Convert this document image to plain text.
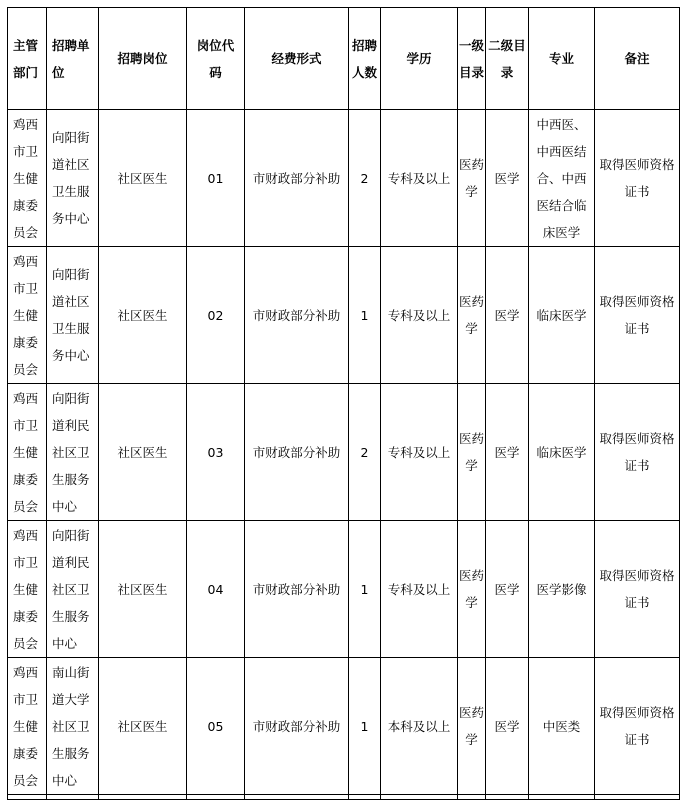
主管部门	招聘单位	招聘岗位	岗位代码	经费形式	招聘人数	学历	一级目录	二级目录	专业	备注
鸡西市卫生健康委员会	向阳街道社区卫生服务中心	社区医生	01	市财政部分补助	2	专科及以上	医药学	医学	中西医、中西医结合、中西医结合临床医学	取得医师资格证书
鸡西市卫生健康委员会	向阳街道社区卫生服务中心	社区医生	02	市财政部分补助	1	专科及以上	医药学	医学	临床医学	取得医师资格证书
鸡西市卫生健康委员会	向阳街道利民社区卫生服务中心	社区医生	03	市财政部分补助	2	专科及以上	医药学	医学	临床医学	取得医师资格证书
鸡西市卫生健康委员会	向阳街道利民社区卫生服务中心	社区医生	04	市财政部分补助	1	专科及以上	医药学	医学	医学影像	取得医师资格证书
鸡西市卫生健康委员会	南山街道大学社区卫生服务中心	社区医生	05	市财政部分补助	1	本科及以上	医药学	医学	中医类	取得医师资格证书
